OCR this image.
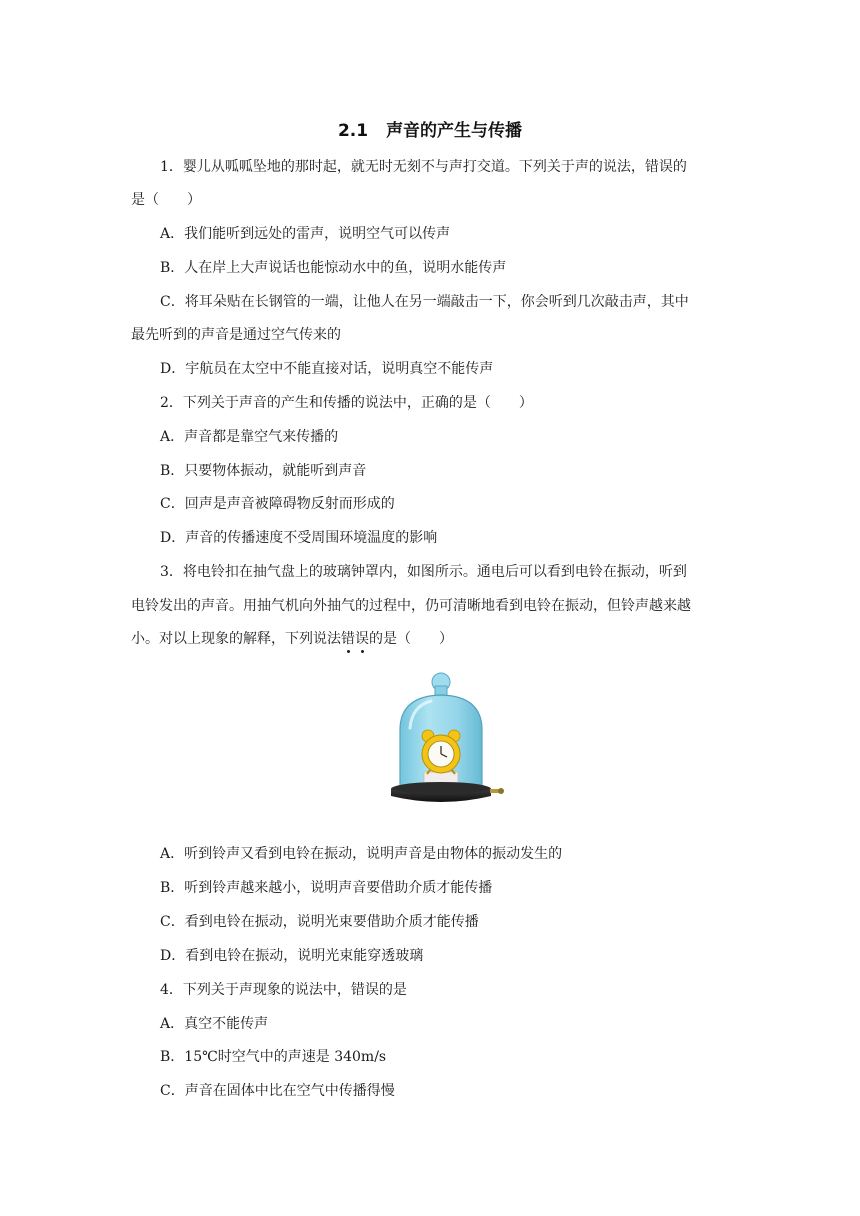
2.1 声音的产生与传播
1．婴儿从呱呱坠地的那时起，就无时无刻不与声打交道。下列关于声的说法，错误的
是（　　）
A．我们能听到远处的雷声，说明空气可以传声
B．人在岸上大声说话也能惊动水中的鱼，说明水能传声
C．将耳朵贴在长钢管的一端，让他人在另一端敲击一下，你会听到几次敲击声，其中
最先听到的声音是通过空气传来的
D．宇航员在太空中不能直接对话，说明真空不能传声
2．下列关于声音的产生和传播的说法中，正确的是（　　）
A．声音都是靠空气来传播的
B．只要物体振动，就能听到声音
C．回声是声音被障碍物反射而形成的
D．声音的传播速度不受周围环境温度的影响
3．将电铃扣在抽气盘上的玻璃钟罩内，如图所示。通电后可以看到电铃在振动，听到
电铃发出的声音。用抽气机向外抽气的过程中，仍可清晰地看到电铃在振动，但铃声越来越
小。对以上现象的解释，下列说法错
误
的是（　　）
A．听到铃声又看到电铃在振动，说明声音是由物体的振动发生的
B．听到铃声越来越小，说明声音要借助介质才能传播
C．看到电铃在振动，说明光束要借助介质才能传播
D．看到电铃在振动，说明光束能穿透玻璃
4．下列关于声现象的说法中，错误的是
A．真空不能传声
B．15℃时空气中的声速是 340m/s
C．声音在固体中比在空气中传播得慢
